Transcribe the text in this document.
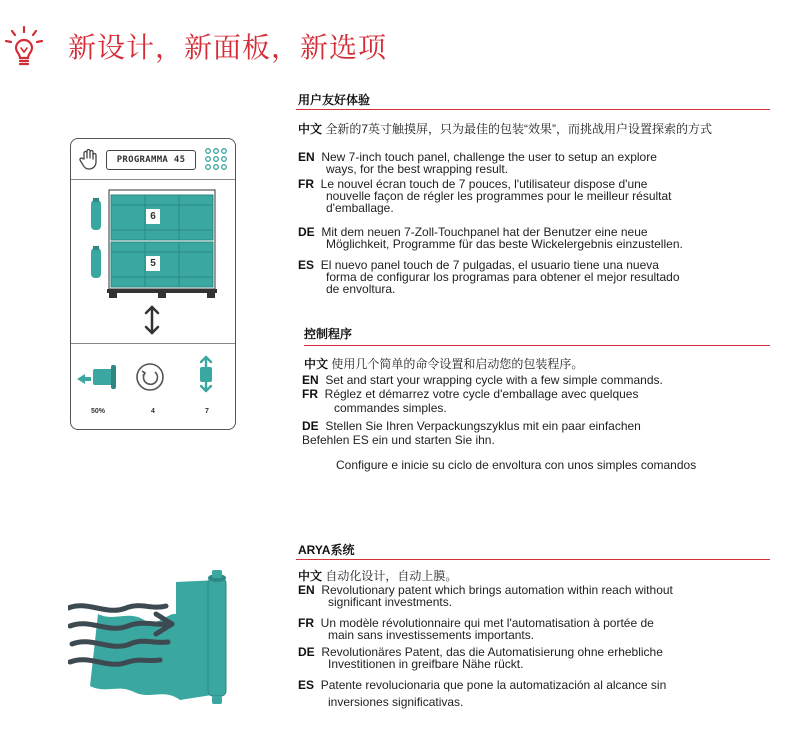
新设计，新面板，新选项
用户友好体验
中文 全新的7英寸触摸屏，只为最佳的包装“效果”，而挑战用户设置探索的方式
EN New 7-inch touch panel, challenge the user to setup an explore
ways, for the best wrapping result.
FR Le nouvel écran touch de 7 pouces, l'utilisateur dispose d'une
nouvelle façon de régler les programmes pour le meilleur résultat
d'emballage.
DE Mit dem neuen 7-Zoll-Touchpanel hat der Benutzer eine neue
Möglichkeit, Programme für das beste Wickelergebnis einzustellen.
ES El nuevo panel touch de 7 pulgadas, el usuario tiene una nueva
forma de configurar los programas para obtener el mejor resultado
de envoltura.
控制程序
中文 使用几个简单的命令设置和启动您的包装程序。
EN Set and start your wrapping cycle with a few simple commands.
FR Réglez et démarrez votre cycle d'emballage avec quelques
commandes simples.
DE Stellen Sie Ihren Verpackungszyklus mit ein paar einfachen
Befehlen ES ein und starten Sie ihn.
Configure e inicie su ciclo de envoltura con unos simples comandos
ARYA系统
中文 自动化设计，自动上膜。
EN Revolutionary patent which brings automation within reach without
significant investments.
FR Un modèle révolutionnaire qui met l'automatisation à portée de
main sans investissements importants.
DE Revolutionäres Patent, das die Automatisierung ohne erhebliche
Investitionen in greifbare Nähe rückt.
ES Patente revolucionaria que pone la automatización al alcance sin
inversiones significativas.
PROGRAMMA 45
6
5
50%	4	7
